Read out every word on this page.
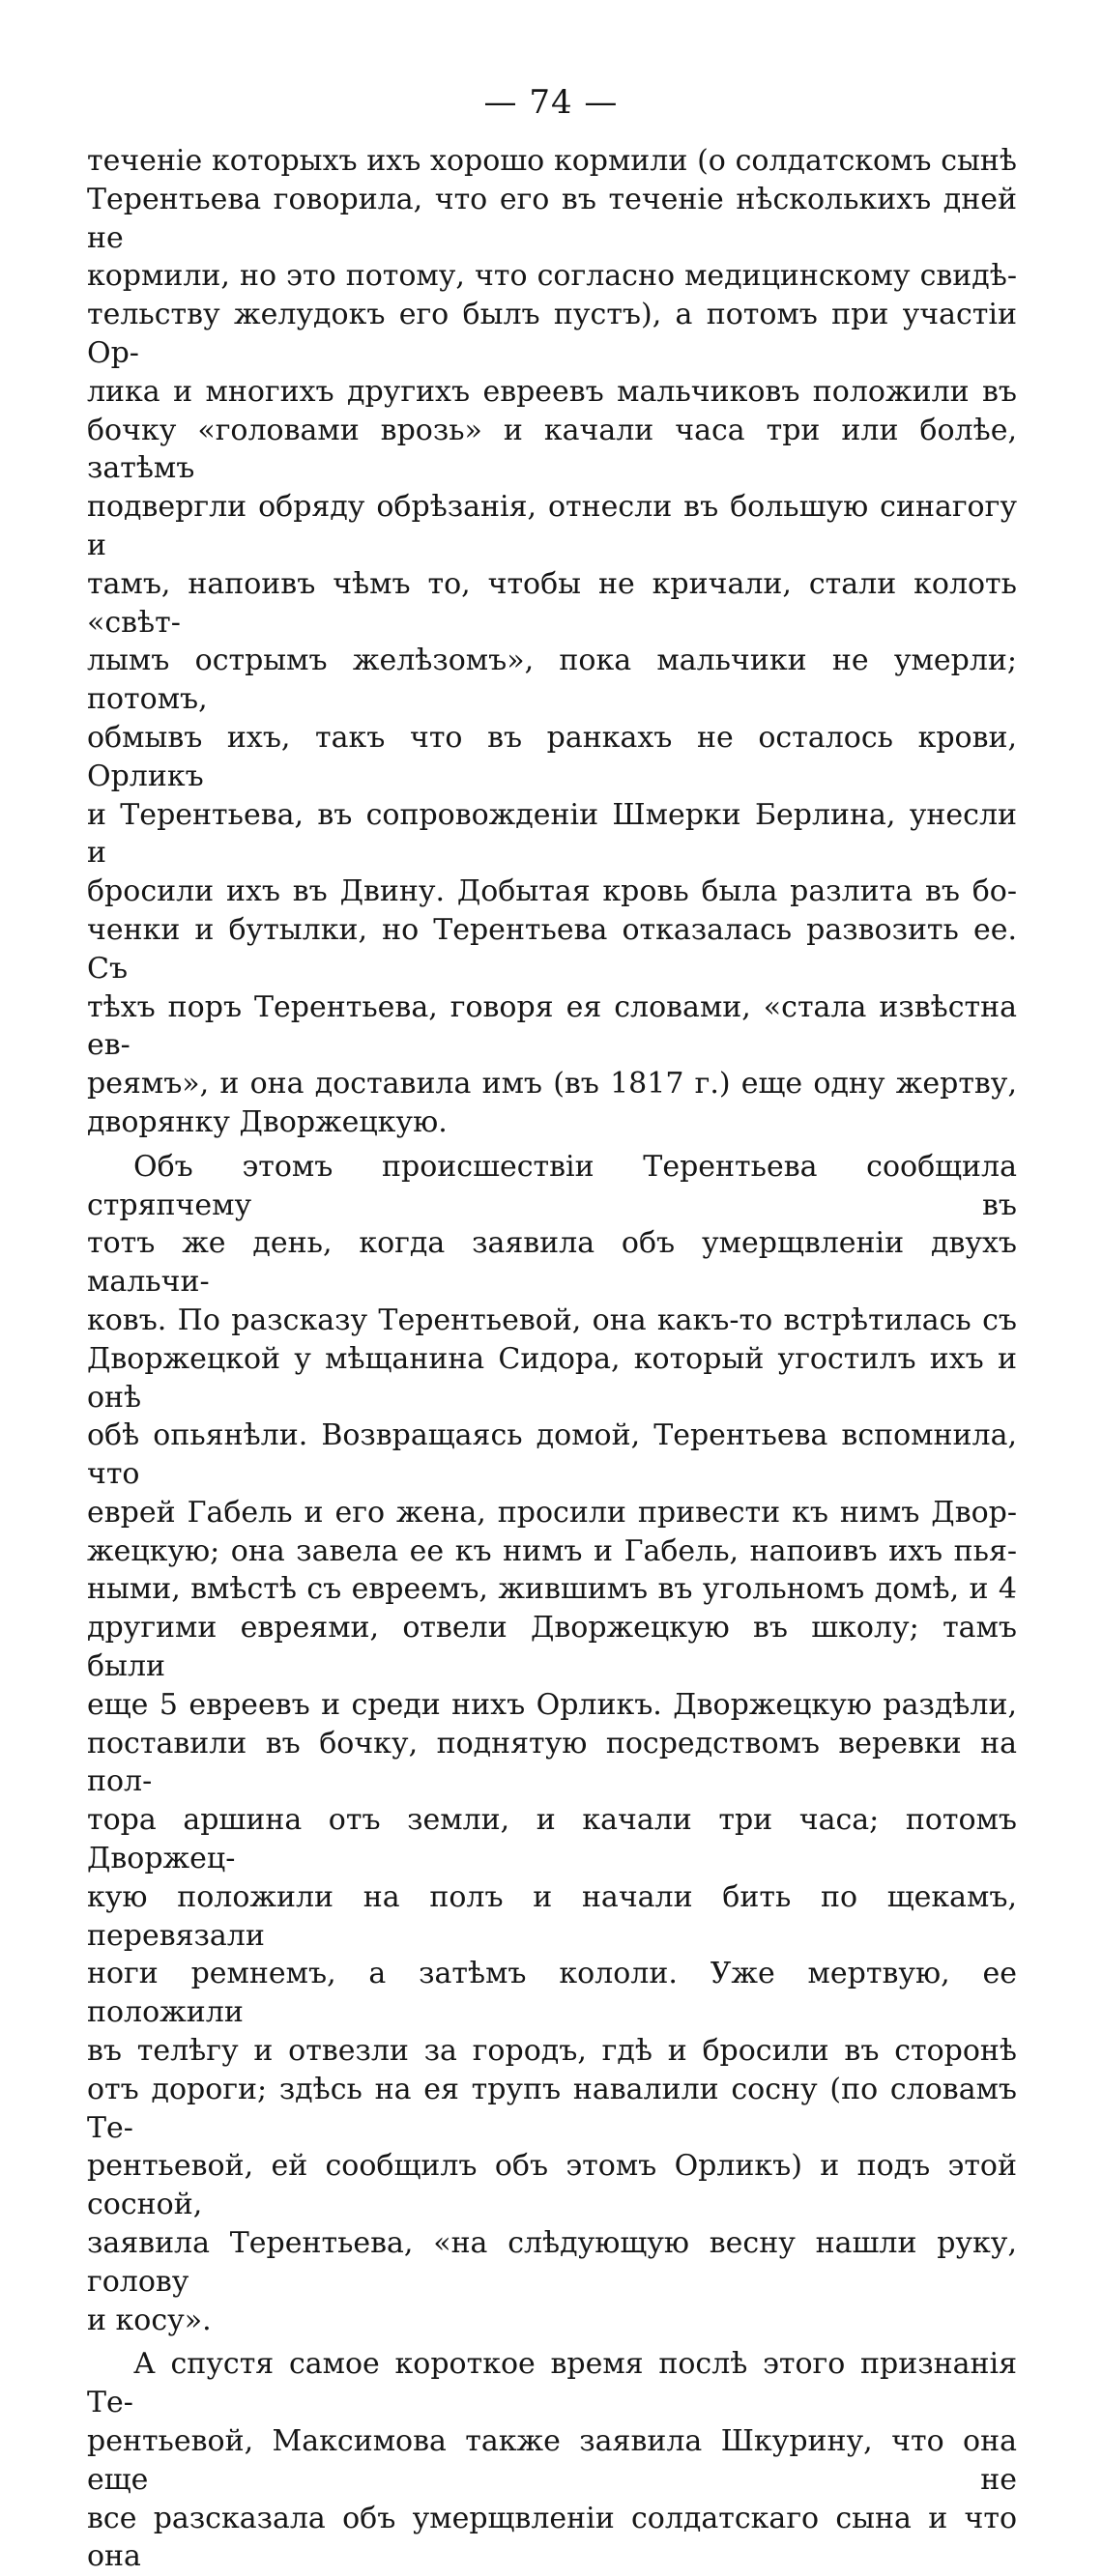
— 74 —

теченіе которыхъ ихъ хорошо кормили (о солдатскомъ сынѣ

Терентьева говорила, что его въ теченіе нѣсколькихъ дней не

кормили, но это потому, что согласно медицинскому свидѣ-

тельству желудокъ его былъ пустъ), а потомъ при участіи Ор-

лика и многихъ другихъ евреевъ мальчиковъ положили въ

бочку «головами врозь» и качали часа три или болѣе, затѣмъ

подвергли обряду обрѣзанія, отнесли въ большую синагогу и

тамъ, напоивъ чѣмъ то, чтобы не кричали, стали колоть «свѣт-

лымъ острымъ желѣзомъ», пока мальчики не умерли; потомъ,

обмывъ ихъ, такъ что въ ранкахъ не осталось крови, Орликъ

и Терентьева, въ сопровожденіи Шмерки Берлина, унесли и

бросили ихъ въ Двину. Добытая кровь была разлита въ бо-

ченки и бутылки, но Терентьева отказалась развозить ее. Съ

тѣхъ поръ Терентьева, говоря ея словами, «стала извѣстна ев-

реямъ», и она доставила имъ (въ 1817 г.) еще одну жертву,

дворянку Дворжецкую.

Объ этомъ происшествіи Терентьева сообщила стряпчему въ

тотъ же день, когда заявила объ умерщвленіи двухъ мальчи-

ковъ. По разсказу Терентьевой, она какъ-то встрѣтилась съ

Дворжецкой у мѣщанина Сидора, который угостилъ ихъ и онѣ

обѣ опьянѣли. Возвращаясь домой, Терентьева вспомнила, что

еврей Габель и его жена, просили привести къ нимъ Двор-

жецкую; она завела ее къ нимъ и Габель, напоивъ ихъ пья-

ными, вмѣстѣ съ евреемъ, жившимъ въ угольномъ домѣ, и 4

другими евреями, отвели Дворжецкую въ школу; тамъ были

еще 5 евреевъ и среди нихъ Орликъ. Дворжецкую раздѣли,

поставили въ бочку, поднятую посредствомъ веревки на пол-

тора аршина отъ земли, и качали три часа; потомъ Дворжец-

кую положили на полъ и начали бить по щекамъ, перевязали

ноги ремнемъ, а затѣмъ кололи. Уже мертвую, ее положили

въ телѣгу и отвезли за городъ, гдѣ и бросили въ сторонѣ

отъ дороги; здѣсь на ея трупъ навалили сосну (по словамъ Те-

рентьевой, ей сообщилъ объ этомъ Орликъ) и подъ этой сосной,

заявила Терентьева, «на слѣдующую весну нашли руку, голову

и косу».

А спустя самое короткое время послѣ этого признанія Те-

рентьевой, Максимова также заявила Шкурину, что она еще не

все разсказала объ умерщвленіи солдатскаго сына и что она
